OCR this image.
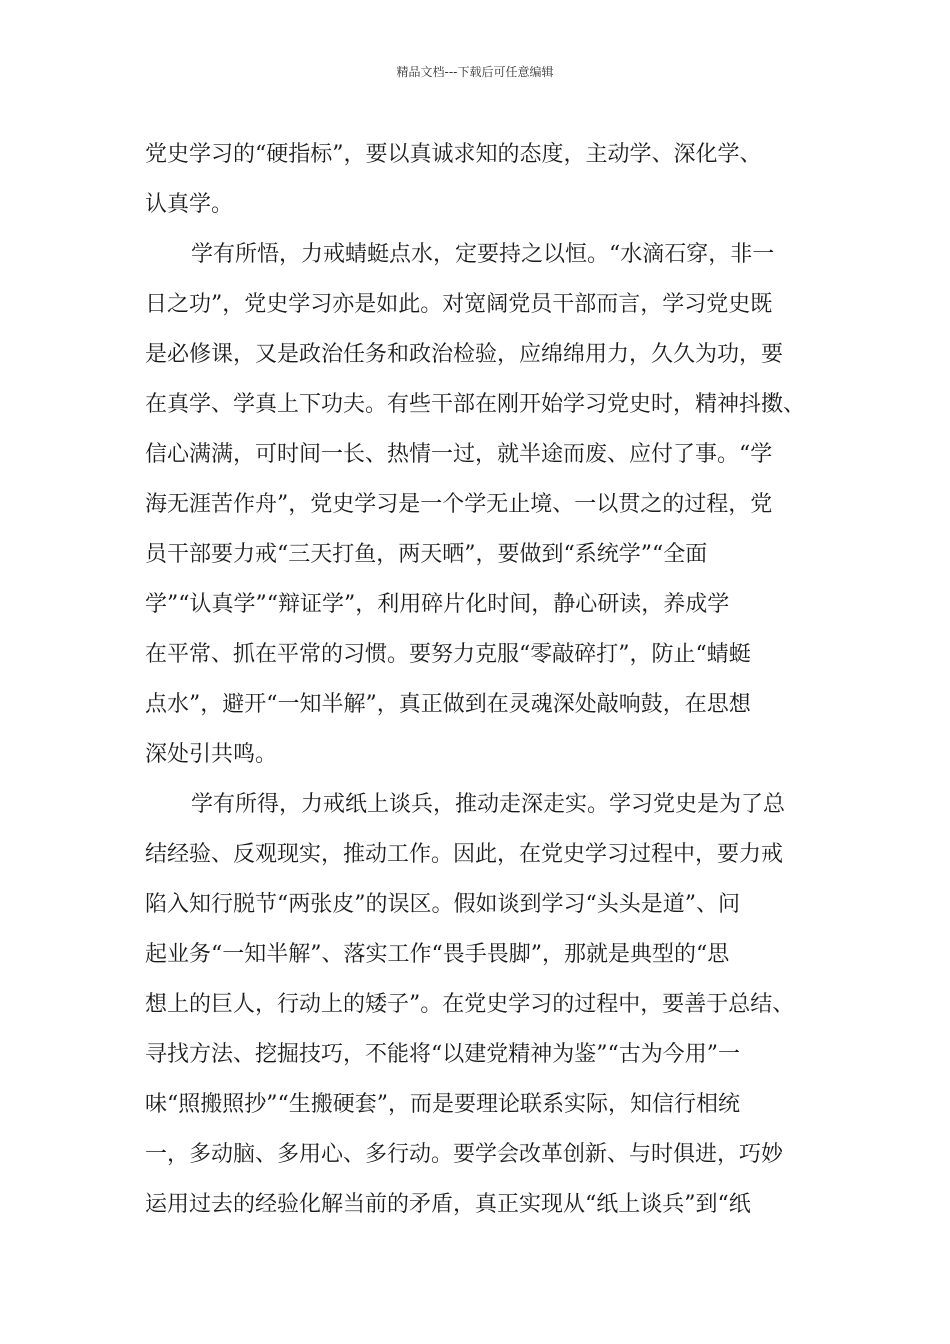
精品文档---下载后可任意编辑
党史学习的“硬指标”，要以真诚求知的态度，主动学、深化学、
认真学。
学有所悟，力戒蜻蜓点水，定要持之以恒。“水滴石穿，非一
日之功”，党史学习亦是如此。对宽阔党员干部而言，学习党史既
是必修课，又是政治任务和政治检验，应绵绵用力，久久为功，要
在真学、学真上下功夫。有些干部在刚开始学习党史时，精神抖擞、
信心满满，可时间一长、热情一过，就半途而废、应付了事。“学
海无涯苦作舟”，党史学习是一个学无止境、一以贯之的过程，党
员干部要力戒“三天打鱼，两天晒”，要做到“系统学”“全面
学”“认真学”“辩证学”，利用碎片化时间，静心研读，养成学
在平常、抓在平常的习惯。要努力克服“零敲碎打”，防止“蜻蜓
点水”，避开“一知半解”，真正做到在灵魂深处敲响鼓，在思想
深处引共鸣。
学有所得，力戒纸上谈兵，推动走深走实。学习党史是为了总
结经验、反观现实，推动工作。因此，在党史学习过程中，要力戒
陷入知行脱节“两张皮”的误区。假如谈到学习“头头是道”、问
起业务“一知半解”、落实工作“畏手畏脚”，那就是典型的“思
想上的巨人，行动上的矮子”。在党史学习的过程中，要善于总结、
寻找方法、挖掘技巧，不能将“以建党精神为鉴”“古为今用”一
味“照搬照抄”“生搬硬套”，而是要理论联系实际，知信行相统
一，多动脑、多用心、多行动。要学会改革创新、与时俱进，巧妙
运用过去的经验化解当前的矛盾，真正实现从“纸上谈兵”到“纸
